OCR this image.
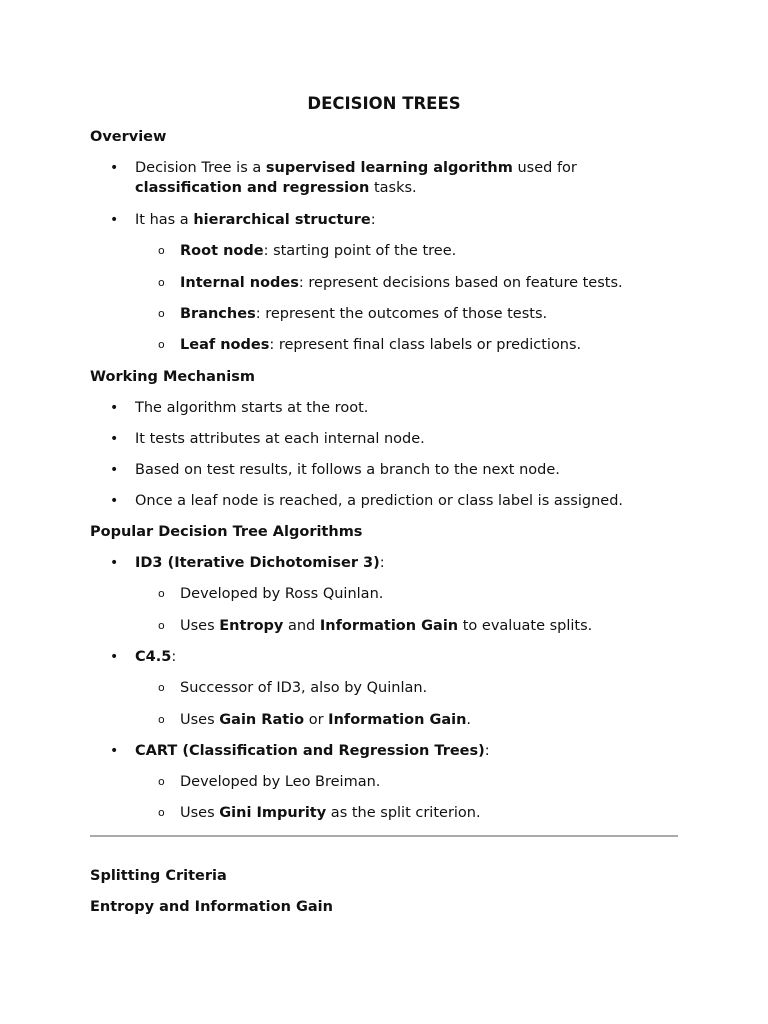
DECISION TREES
Overview
• Decision Tree is a supervised learning algorithm used for
classification and regression tasks.
• It has a hierarchical structure:
o Root node: starting point of the tree.
o Internal nodes: represent decisions based on feature tests.
o Branches: represent the outcomes of those tests.
o Leaf nodes: represent final class labels or predictions.
Working Mechanism
• The algorithm starts at the root.
• It tests attributes at each internal node.
• Based on test results, it follows a branch to the next node.
• Once a leaf node is reached, a prediction or class label is assigned.
Popular Decision Tree Algorithms
• ID3 (Iterative Dichotomiser 3):
o Developed by Ross Quinlan.
o Uses Entropy and Information Gain to evaluate splits.
• C4.5:
o Successor of ID3, also by Quinlan.
o Uses Gain Ratio or Information Gain.
• CART (Classification and Regression Trees):
o Developed by Leo Breiman.
o Uses Gini Impurity as the split criterion.
Splitting Criteria
Entropy and Information Gain
